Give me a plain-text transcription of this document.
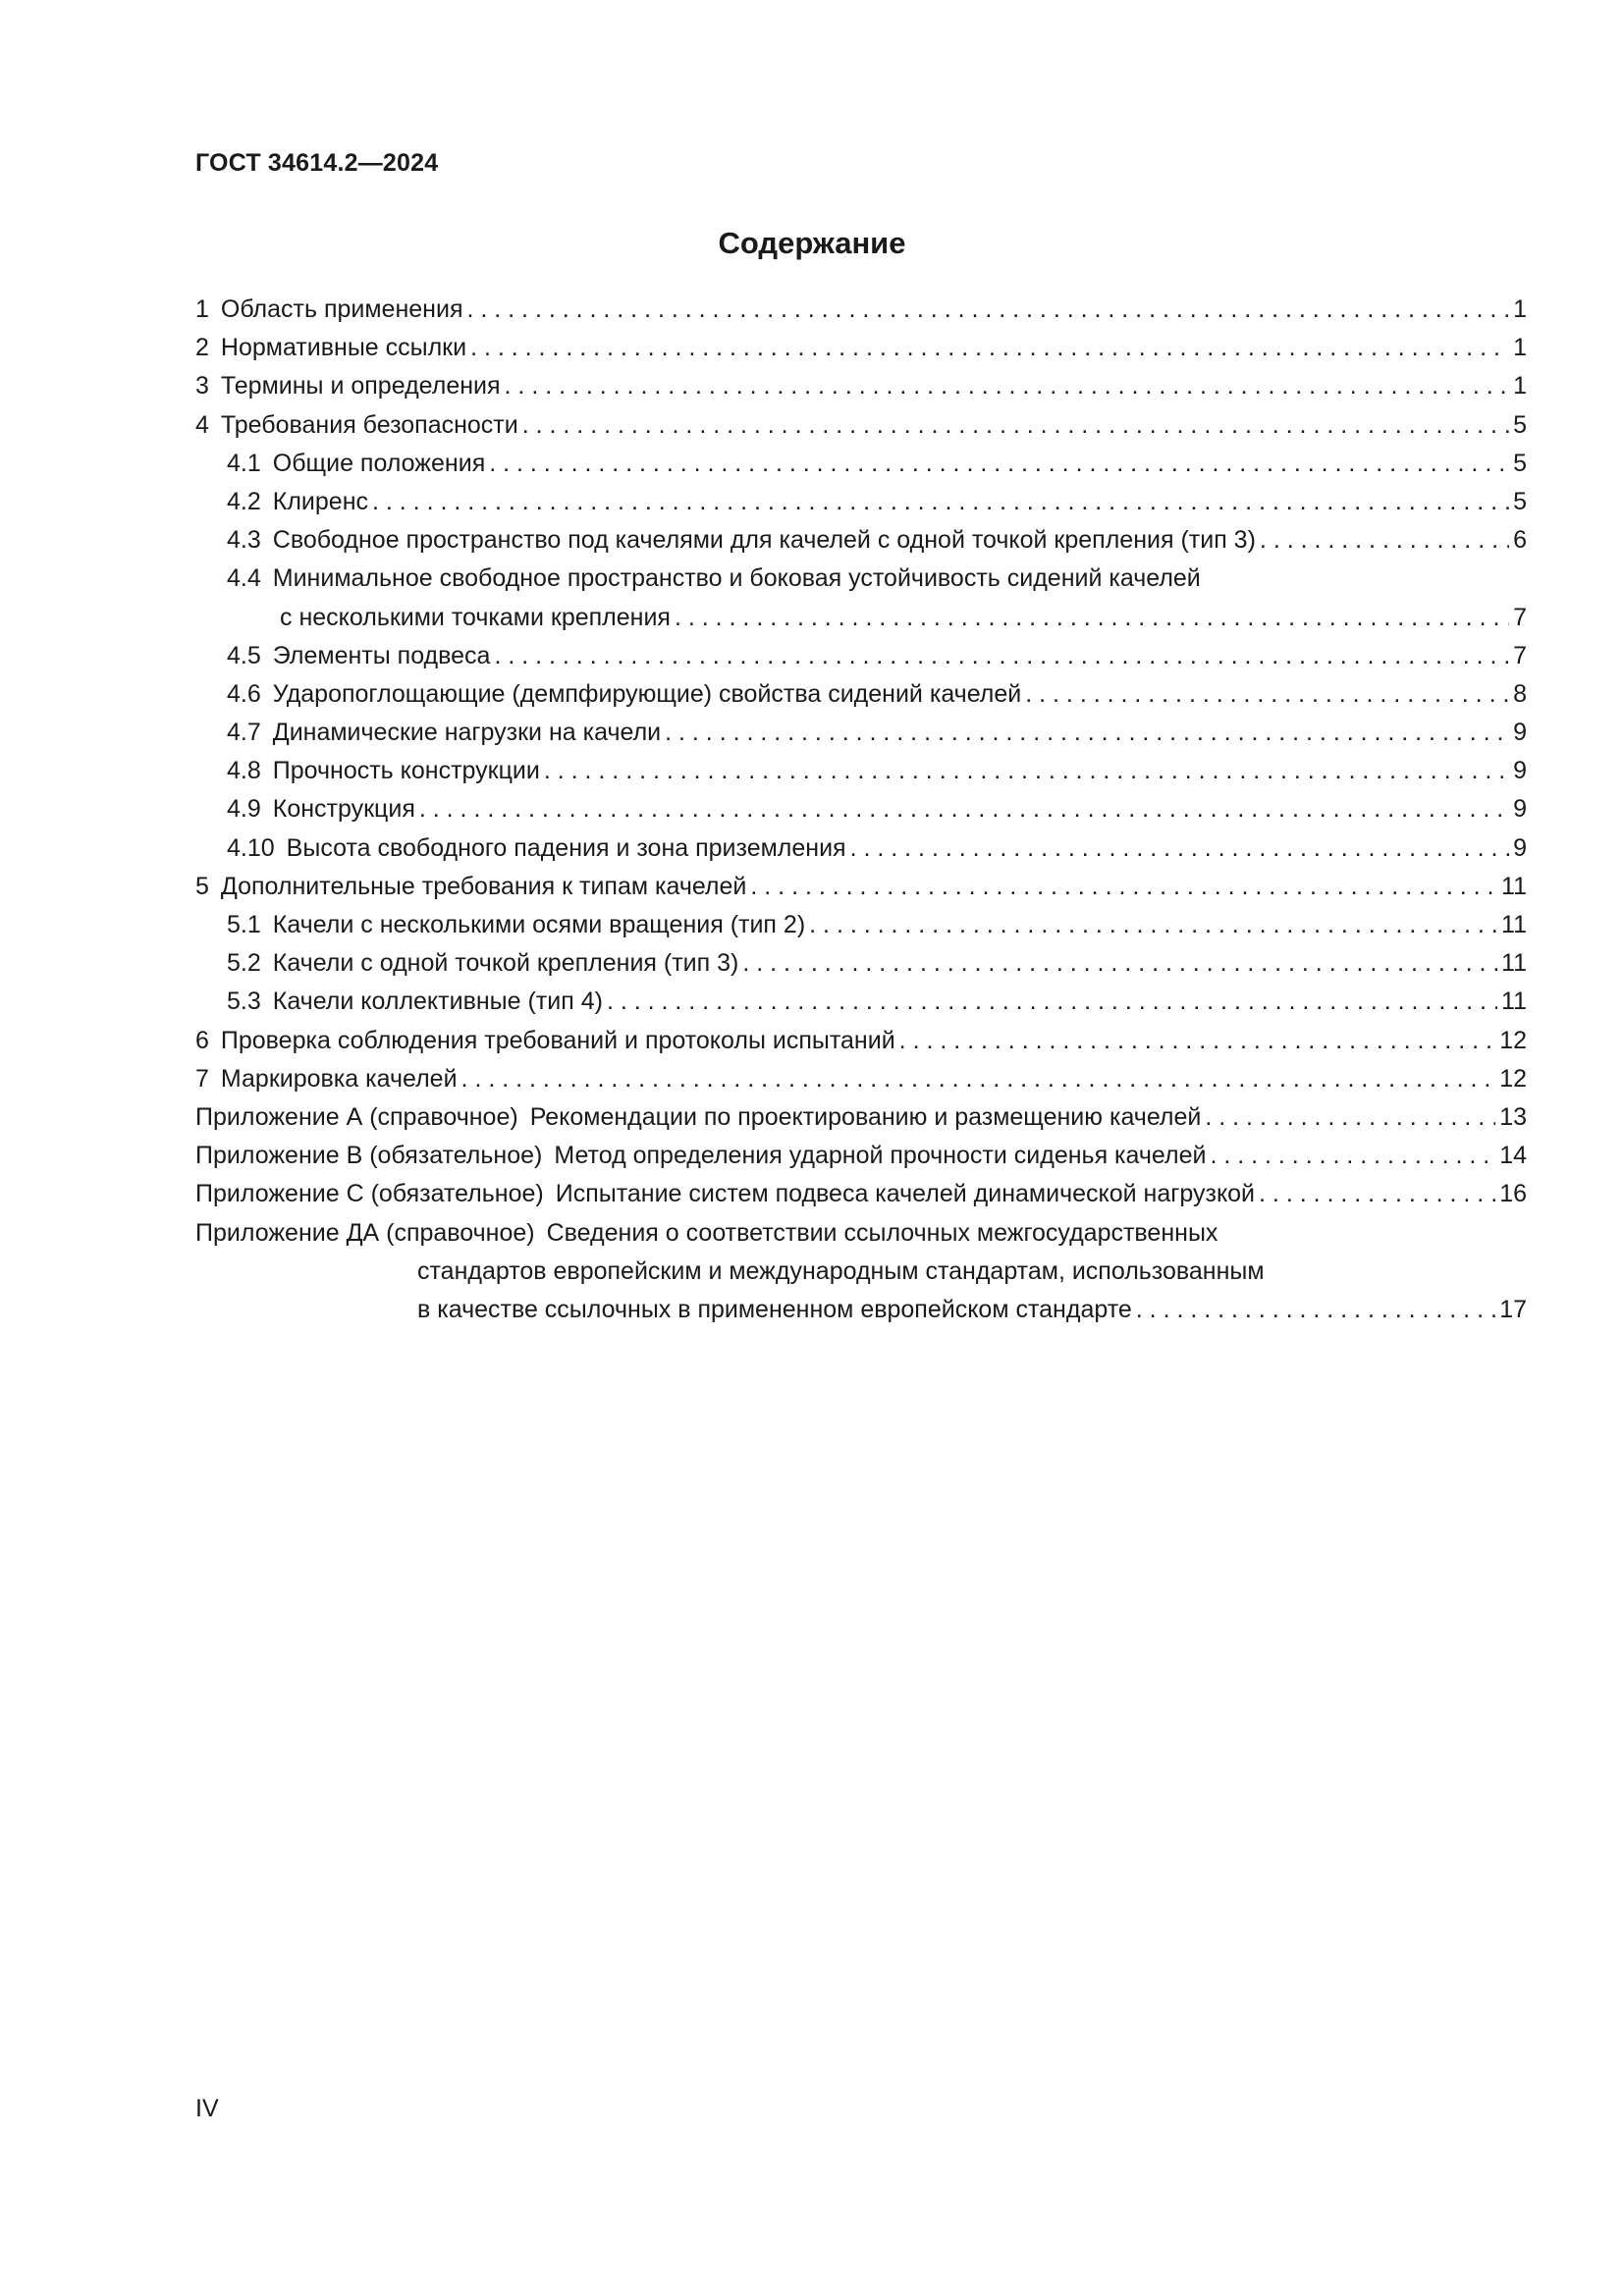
ГОСТ 34614.2—2024
Содержание
1 Область применения . . .	1
2 Нормативные ссылки . . .	1
3 Термины и определения . . .	1
4 Требования безопасности . . .	5
4.1 Общие положения . . .	5
4.2 Клиренс . . .	5
4.3 Свободное пространство под качелями для качелей с одной точкой крепления (тип 3) . . .	6
4.4 Минимальное свободное пространство и боковая устойчивость сидений качелей
с несколькими точками крепления . . .	7
4.5 Элементы подвеса . . .	7
4.6 Ударопоглощающие (демпфирующие) свойства сидений качелей . . .	8
4.7 Динамические нагрузки на качели . . .	9
4.8 Прочность конструкции . . .	9
4.9 Конструкция . . .	9
4.10 Высота свободного падения и зона приземления . . .	9
5 Дополнительные требования к типам качелей . . .	11
5.1 Качели с несколькими осями вращения (тип 2) . . .	11
5.2 Качели с одной точкой крепления (тип 3) . . .	11
5.3 Качели коллективные (тип 4) . . .	11
6 Проверка соблюдения требований и протоколы испытаний . . .	12
7 Маркировка качелей . . .	12
Приложение А (справочное) Рекомендации по проектированию и размещению качелей . . .	13
Приложение В (обязательное) Метод определения ударной прочности сиденья качелей . . .	14
Приложение С (обязательное) Испытание систем подвеса качелей динамической нагрузкой . . .	16
Приложение ДА (справочное) Сведения о соответствии ссылочных межгосударственных
стандартов европейским и международным стандартам, использованным
в качестве ссылочных в примененном европейском стандарте . . .	17
IV
